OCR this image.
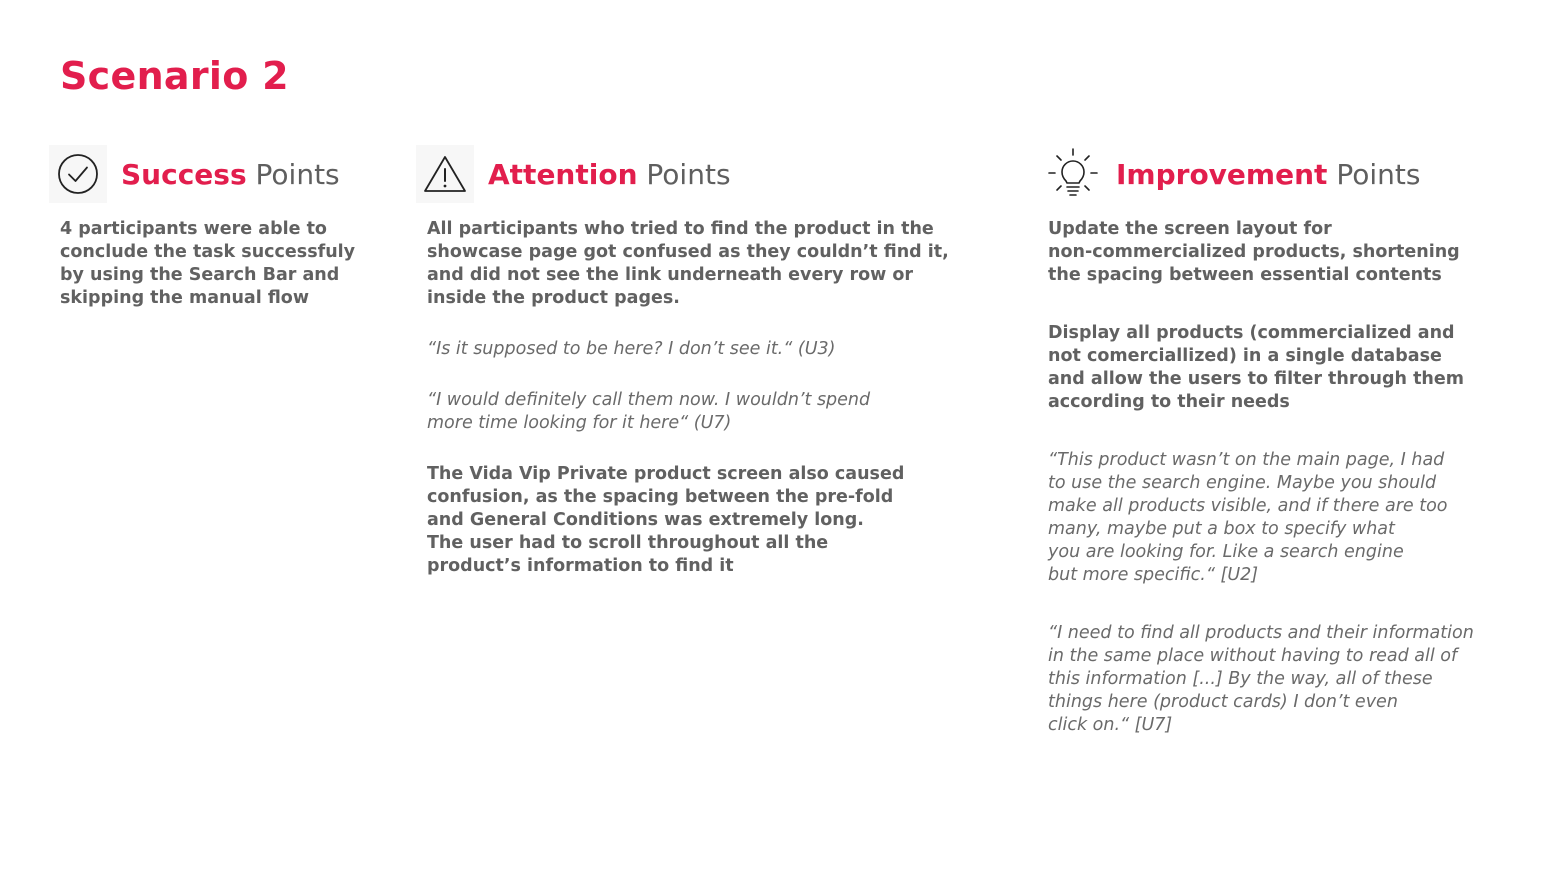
Scenario 2
Success Points

4 participants were able to
conclude the task successfuly
by using the Search Bar and
skipping the manual flow

Attention Points

All participants who tried to find the product in the
showcase page got confused as they couldn’t find it,
and did not see the link underneath every row or
inside the product pages.

“Is it supposed to be here? I don’t see it.“ (U3)

“I would definitely call them now. I wouldn’t spend
more time looking for it here“ (U7)

The Vida Vip Private product screen also caused
confusion, as the spacing between the pre-fold
and General Conditions was extremely long.
The user had to scroll throughout all the
product’s information to find it

Improvement Points

Update the screen layout for
non-commercialized products, shortening
the spacing between essential contents

Display all products (commercialized and
not comerciallized) in a single database
and allow the users to filter through them
according to their needs

“This product wasn’t on the main page, I had
to use the search engine. Maybe you should
make all products visible, and if there are too
many, maybe put a box to specify what
you are looking for. Like a search engine
but more specific.“ [U2]

“I need to find all products and their information
in the same place without having to read all of
this information [...] By the way, all of these
things here (product cards) I don’t even
click on.“ [U7]
